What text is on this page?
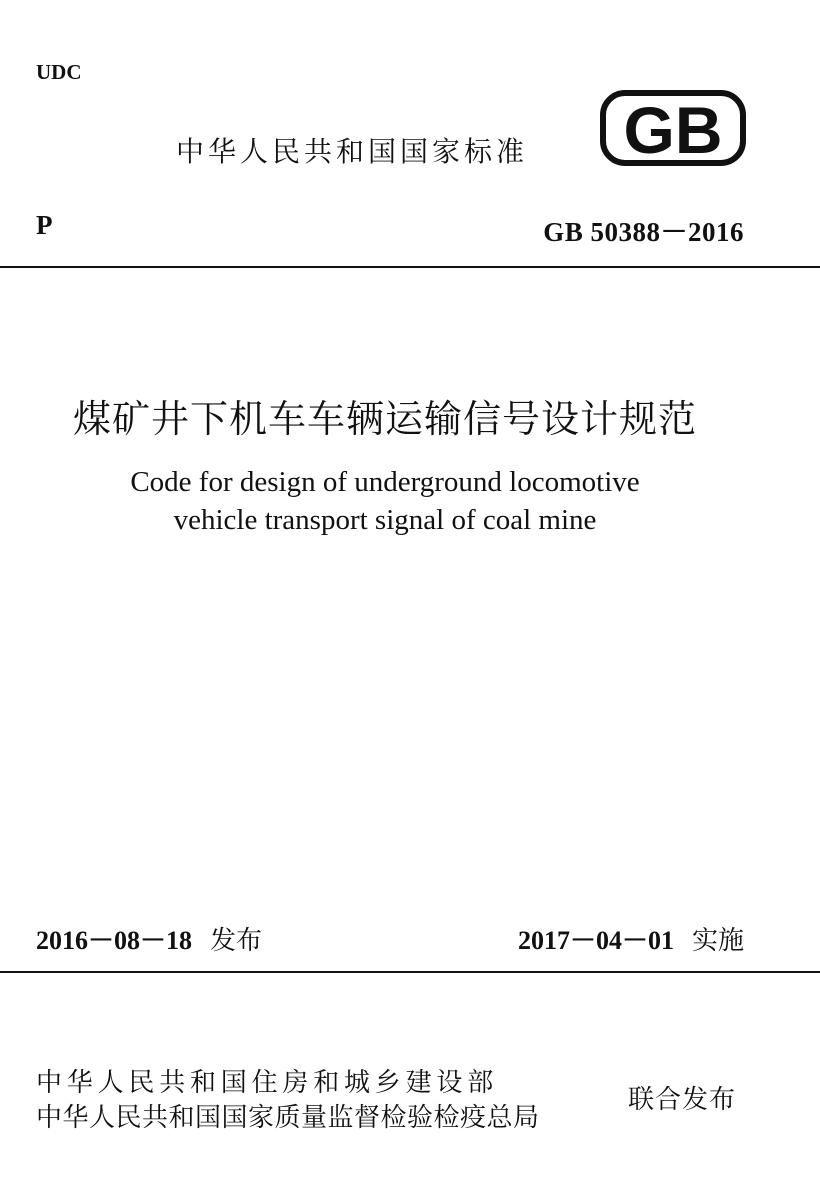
UDC
中华人民共和国国家标准 GB
P	GB 50388－2016
煤矿井下机车车辆运输信号设计规范
Code for design of underground locomotive
vehicle transport signal of coal mine
2016－08－18 发布	2017－04－01 实施
中华人民共和国住房和城乡建设部
中华人民共和国国家质量监督检验检疫总局
联合发布
